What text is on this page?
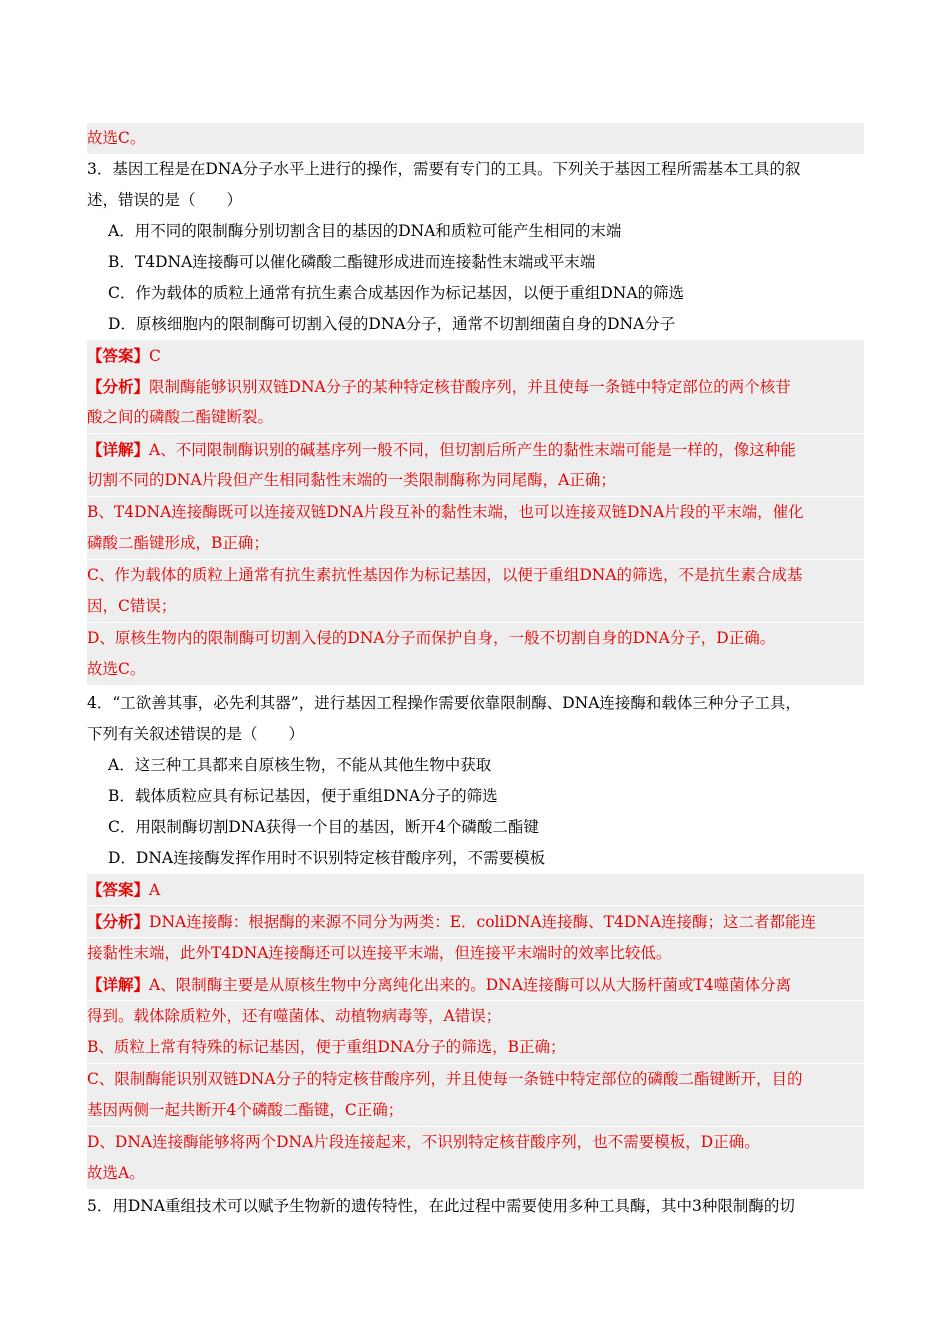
故选C。
3．基因工程是在DNA分子水平上进行的操作，需要有专门的工具。下列关于基因工程所需基本工具的叙
述，错误的是（　　）
A．用不同的限制酶分别切割含目的基因的DNA和质粒可能产生相同的末端
B．T4DNA连接酶可以催化磷酸二酯键形成进而连接黏性末端或平末端
C．作为载体的质粒上通常有抗生素合成基因作为标记基因，以便于重组DNA的筛选
D．原核细胞内的限制酶可切割入侵的DNA分子，通常不切割细菌自身的DNA分子
【答案】C
【分析】限制酶能够识别双链DNA分子的某种特定核苷酸序列，并且使每一条链中特定部位的两个核苷
酸之间的磷酸二酯键断裂。
【详解】A、不同限制酶识别的碱基序列一般不同，但切割后所产生的黏性末端可能是一样的，像这种能
切割不同的DNA片段但产生相同黏性末端的一类限制酶称为同尾酶，A正确；
B、T4DNA连接酶既可以连接双链DNA片段互补的黏性末端，也可以连接双链DNA片段的平末端，催化
磷酸二酯键形成，B正确；
C、作为载体的质粒上通常有抗生素抗性基因作为标记基因，以便于重组DNA的筛选，不是抗生素合成基
因，C错误；
D、原核生物内的限制酶可切割入侵的DNA分子而保护自身，一般不切割自身的DNA分子，D正确。
故选C。
4．“工欲善其事，必先利其器”，进行基因工程操作需要依靠限制酶、DNA连接酶和载体三种分子工具，
下列有关叙述错误的是（　　）
A．这三种工具都来自原核生物，不能从其他生物中获取
B．载体质粒应具有标记基因，便于重组DNA分子的筛选
C．用限制酶切割DNA获得一个目的基因，断开4个磷酸二酯键
D．DNA连接酶发挥作用时不识别特定核苷酸序列，不需要模板
【答案】A
【分析】DNA连接酶：根据酶的来源不同分为两类：E．coliDNA连接酶、T4DNA连接酶；这二者都能连
接黏性末端，此外T4DNA连接酶还可以连接平末端，但连接平末端时的效率比较低。
【详解】A、限制酶主要是从原核生物中分离纯化出来的。DNA连接酶可以从大肠杆菌或T4噬菌体分离
得到。载体除质粒外，还有噬菌体、动植物病毒等，A错误；
B、质粒上常有特殊的标记基因，便于重组DNA分子的筛选，B正确；
C、限制酶能识别双链DNA分子的特定核苷酸序列，并且使每一条链中特定部位的磷酸二酯键断开，目的
基因两侧一起共断开4个磷酸二酯键，C正确；
D、DNA连接酶能够将两个DNA片段连接起来，不识别特定核苷酸序列，也不需要模板，D正确。
故选A。
5．用DNA重组技术可以赋予生物新的遗传特性，在此过程中需要使用多种工具酶，其中3种限制酶的切
